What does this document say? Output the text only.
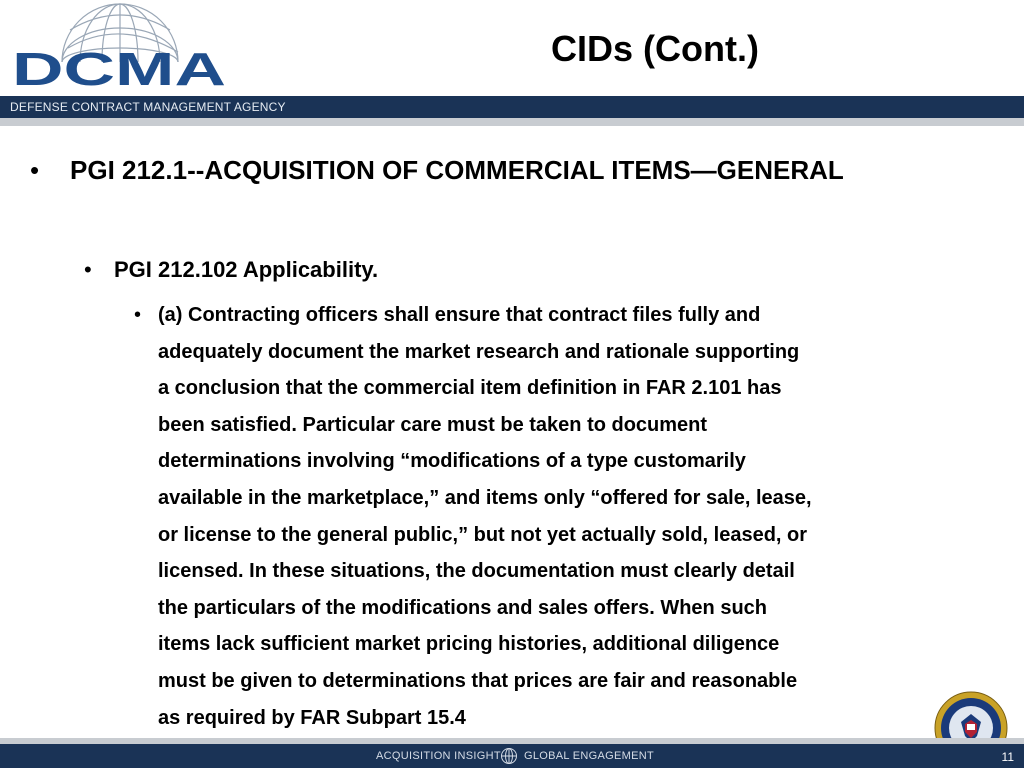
DCMA	CIDs (Cont.)
DEFENSE CONTRACT MANAGEMENT AGENCY
• PGI 212.1--ACQUISITION OF COMMERCIAL ITEMS—GENERAL
• PGI 212.102 Applicability.
• (a) Contracting officers shall ensure that contract files fully and
adequately document the market research and rationale supporting
a conclusion that the commercial item definition in FAR 2.101 has
been satisfied. Particular care must be taken to document
determinations involving “modifications of a type customarily
available in the marketplace,” and items only “offered for sale, lease,
or license to the general public,” but not yet actually sold, leased, or
licensed. In these situations, the documentation must clearly detail
the particulars of the modifications and sales offers. When such
items lack sufficient market pricing histories, additional diligence
must be given to determinations that prices are fair and reasonable
as required by FAR Subpart 15.4
ACQUISITION INSIGHT GLOBAL ENGAGEMENT	11
